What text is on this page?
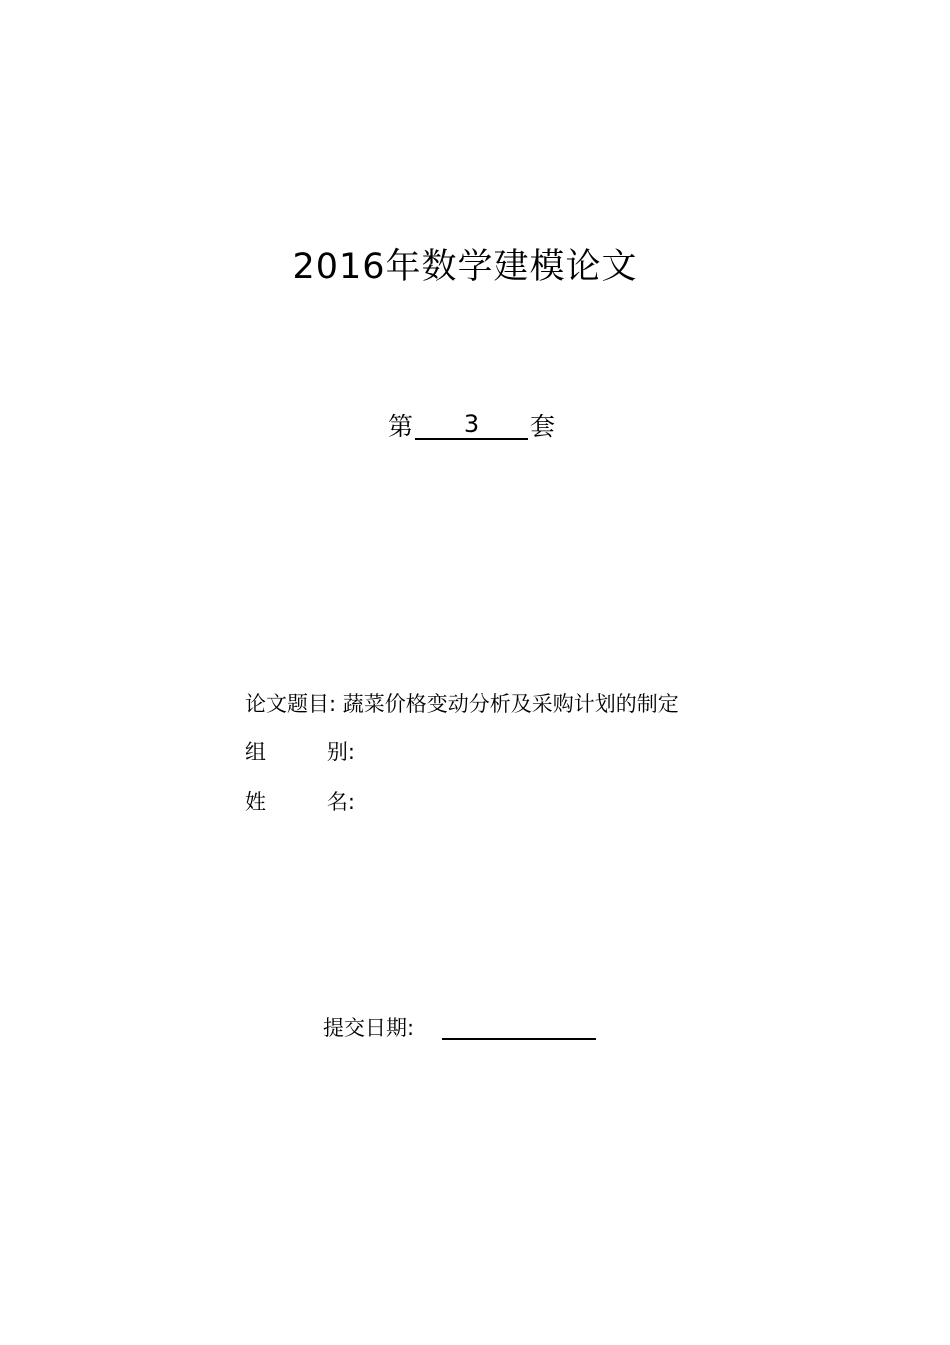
2016年数学建模论文
第	3	套
论文题目: 蔬菜价格变动分析及采购计划的制定
组	别:

姓	名:

提交日期:
